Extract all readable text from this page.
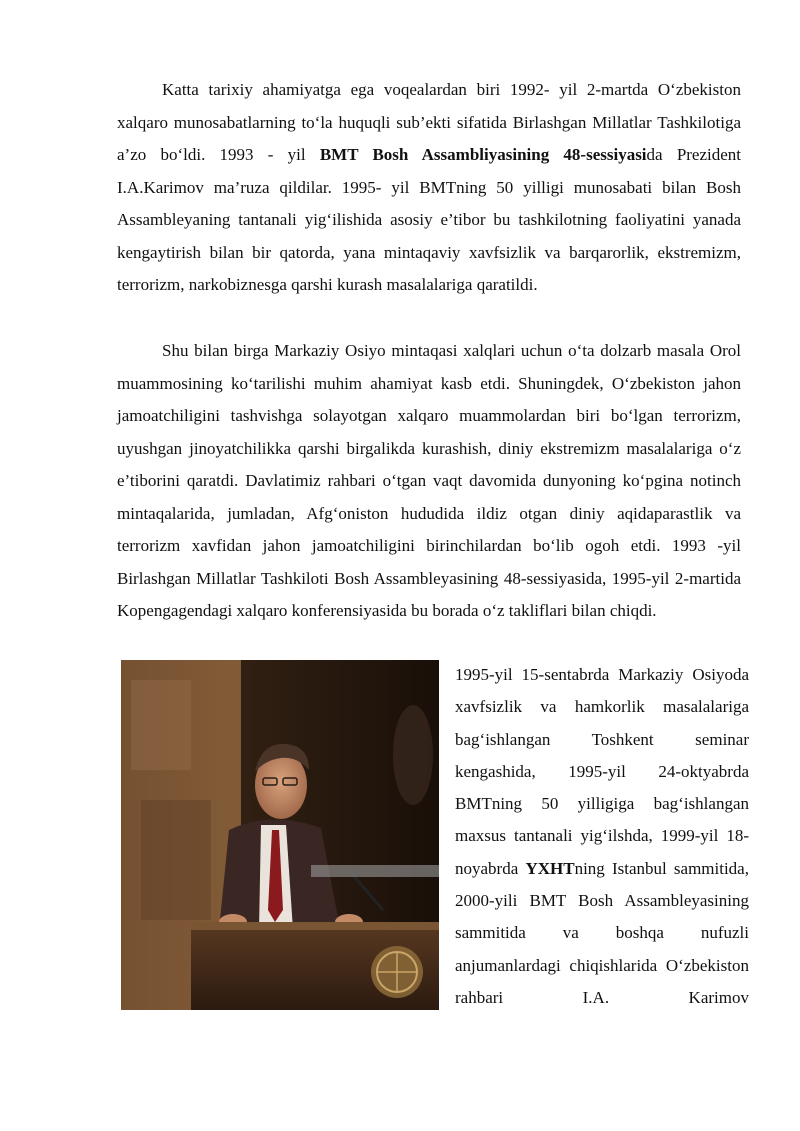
Katta tarixiy ahamiyatga ega voqealardan biri 1992- yil 2-martda O‘zbekiston xalqaro munosabatlarning to‘la huquqli sub’ekti sifatida Birlashgan Millatlar Tashkilotiga a’zo bo‘ldi. 1993 - yil BMT Bosh Assambliyasining 48-sessiyasida Prezident I.A.Karimov ma’ruza qildilar. 1995- yil BMTning 50 yilligi munosabati bilan Bosh Assambleyaning tantanali yig‘ilishida asosiy e’tibor bu tashkilotning faoliyatini yanada kengaytirish bilan bir qatorda, yana mintaqaviy xavfsizlik va barqarorlik, ekstremizm, terrorizm, narkobiznesga qarshi kurash masalalariga qaratildi.

Shu bilan birga Markaziy Osiyo mintaqasi xalqlari uchun o‘ta dolzarb masala Orol muammosining ko‘tarilishi muhim ahamiyat kasb etdi. Shuningdek, O‘zbekiston jahon jamoatchiligini tashvishga solayotgan xalqaro muammolardan biri bo‘lgan terrorizm, uyushgan jinoyatchilikka qarshi birgalikda kurashish, diniy ekstremizm masalalariga o‘z e’tiborini qaratdi. Davlatimiz rahbari o‘tgan vaqt davomida dunyoning ko‘pgina notinch mintaqalarida, jumladan, Afg‘oniston hududida ildiz otgan diniy aqidaparastlik va terrorizm xavfidan jahon jamoatchiligini birinchilardan bo‘lib ogoh etdi. 1993 -yil Birlashgan Millatlar Tashkiloti Bosh Assambleyasining 48-sessiyasida, 1995-yil 2-martida Kopengagendagi xalqaro konferensiyasida bu borada o‘z takliflari bilan chiqdi.

1995-yil 15-sentabrda Markaziy Osiyoda xavfsizlik va hamkorlik masalalariga bag‘ishlangan Toshkent seminar kengashida, 1995-yil 24-oktyabrda BMTning 50 yilligiga bag‘ishlangan maxsus tantanali yig‘ilshda, 1999-yil 18-noyabrda YXHTning Istanbul sammitida, 2000-yili BMT Bosh Assambleyasining sammitida va boshqa nufuzli anjumanlardagi chiqishlarida O‘zbekiston rahbari I.A. Karimov
